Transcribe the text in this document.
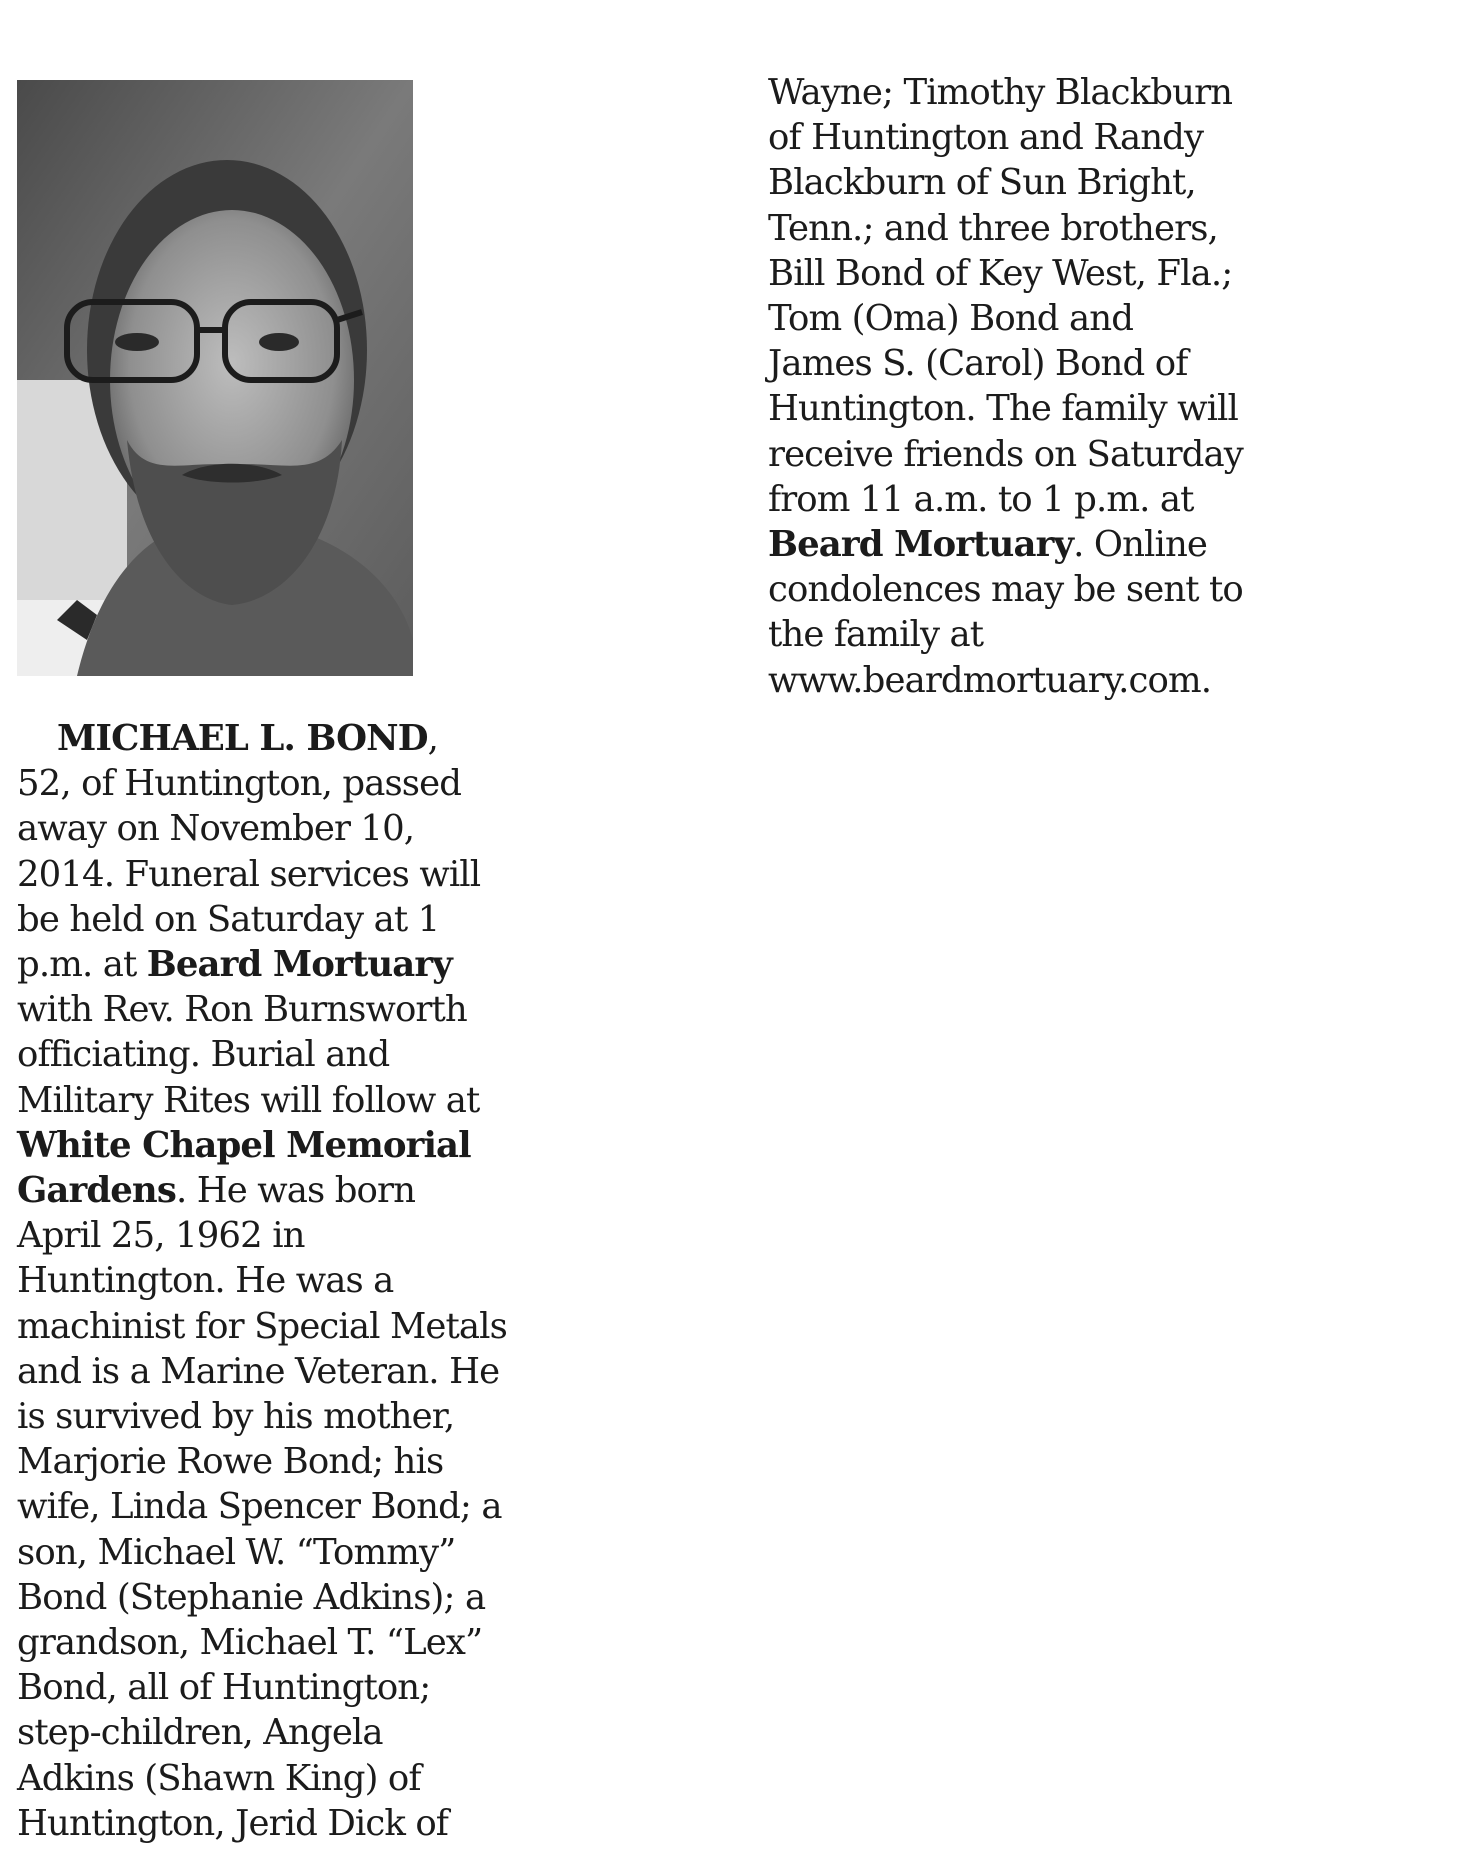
MICHAEL L. BOND,
52, of Huntington, passed
away on November 10,
2014. Funeral services will
be held on Saturday at 1
p.m. at Beard Mortuary
with Rev. Ron Burnsworth
officiating. Burial and
Military Rites will follow at
White Chapel Memorial
Gardens. He was born
April 25, 1962 in
Huntington. He was a
machinist for Special Metals
and is a Marine Veteran. He
is survived by his mother,
Marjorie Rowe Bond; his
wife, Linda Spencer Bond; a
son, Michael W. “Tommy”
Bond (Stephanie Adkins); a
grandson, Michael T. “Lex”
Bond, all of Huntington;
step-children, Angela
Adkins (Shawn King) of
Huntington, Jerid Dick of
Wayne; Timothy Blackburn
of Huntington and Randy
Blackburn of Sun Bright,
Tenn.; and three brothers,
Bill Bond of Key West, Fla.;
Tom (Oma) Bond and
James S. (Carol) Bond of
Huntington. The family will
receive friends on Saturday
from 11 a.m. to 1 p.m. at
Beard Mortuary. Online
condolences may be sent to
the family at
www.beardmortuary.com.
